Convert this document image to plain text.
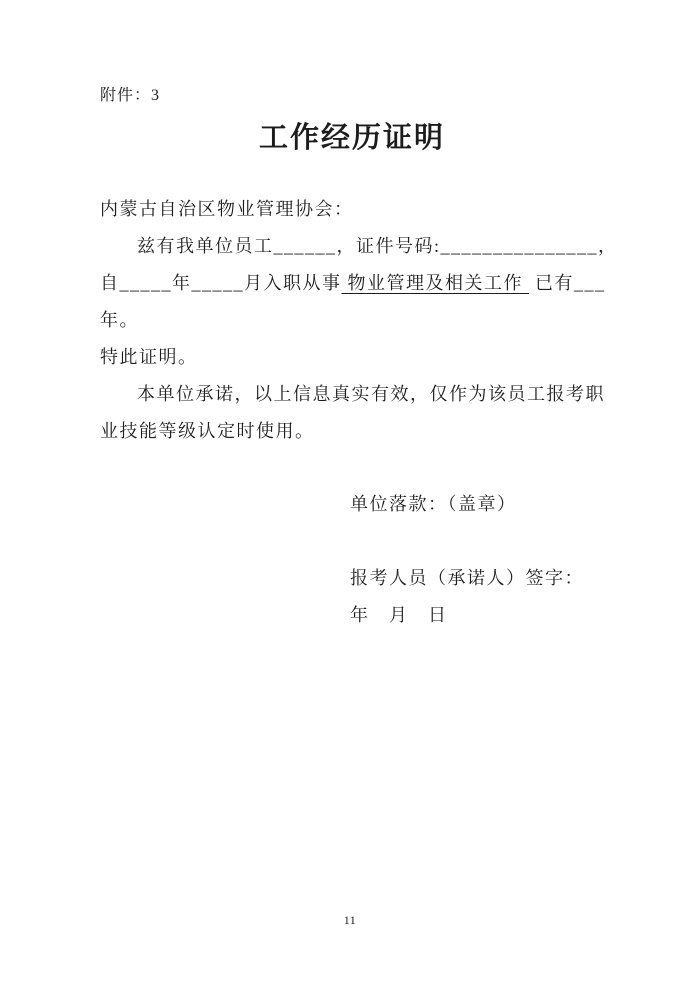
附件：3
工作经历证明
内蒙古自治区物业管理协会：
兹有我单位员工______，证件号码:_______________，
自_____年_____月入职从事 物业管理及相关工作  已有___
年。
特此证明。
本单位承诺，以上信息真实有效，仅作为该员工报考职
业技能等级认定时使用。
单位落款：（盖章）
报考人员（承诺人）签字：
年　月　日
11
